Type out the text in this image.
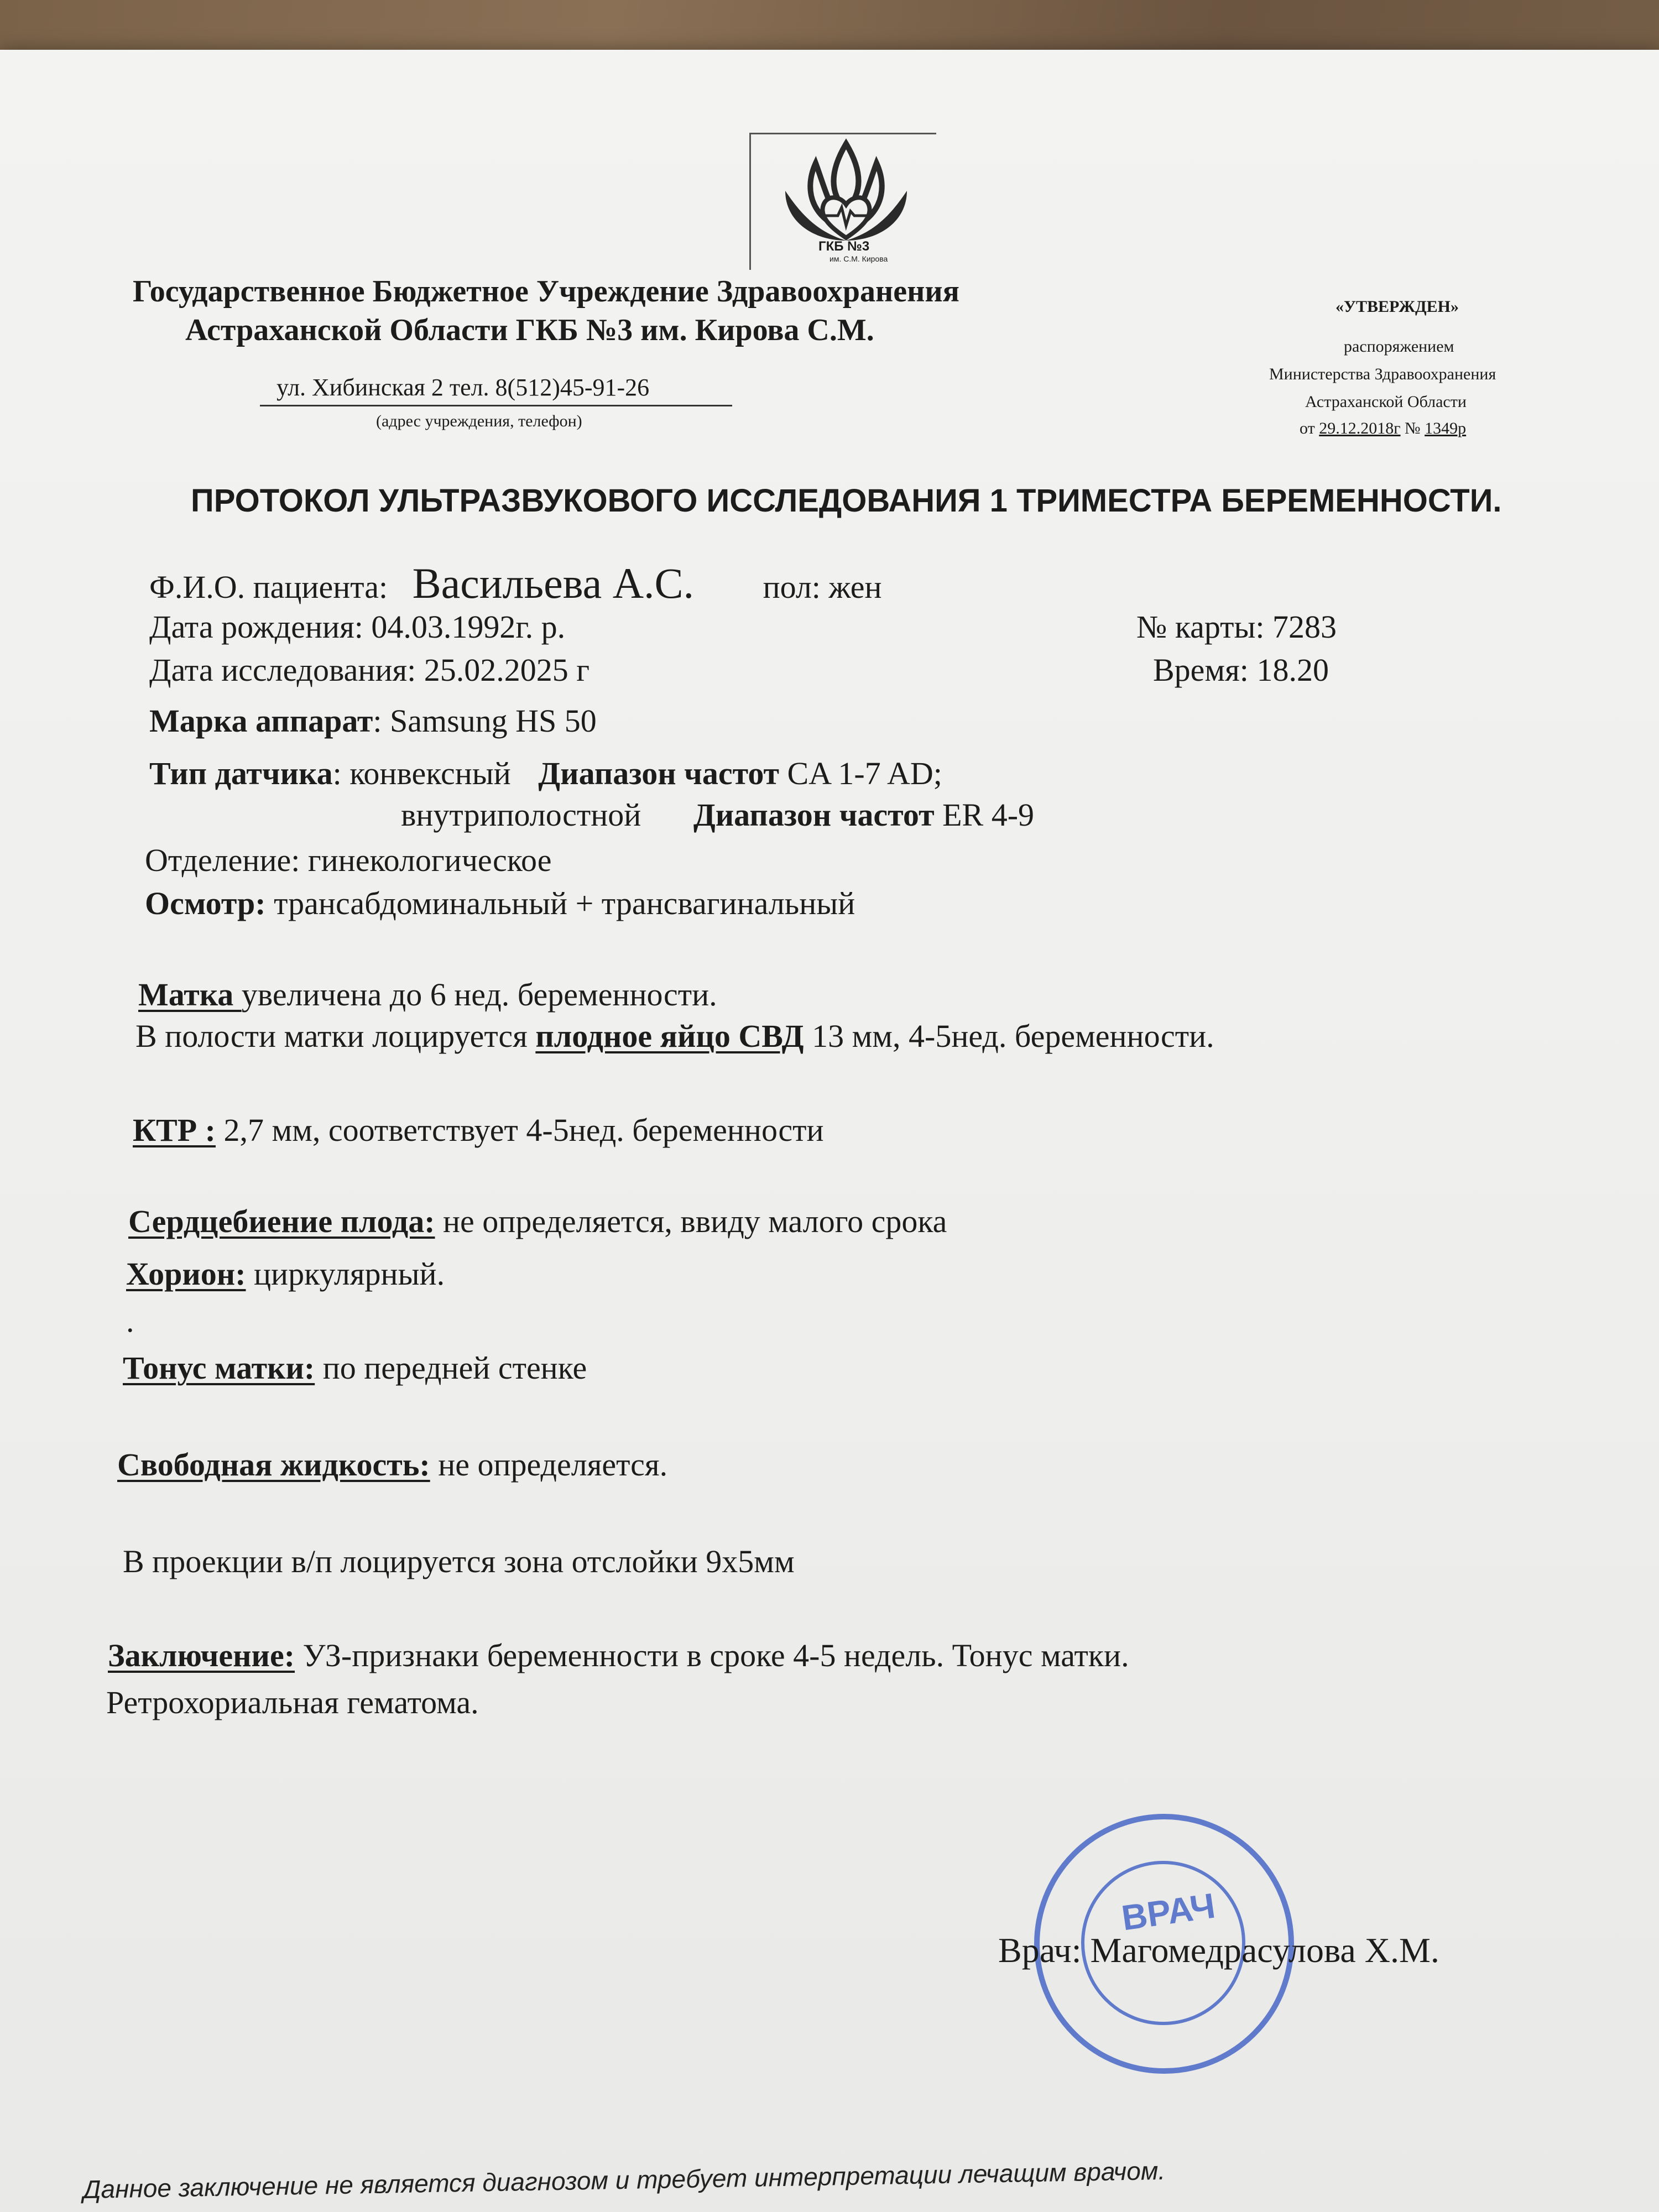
ГКБ №3
им. С.М. Кирова
Государственное Бюджетное Учреждение Здравоохранения
Астраханской Области ГКБ №3 им. Кирова С.М.
ул. Хибинская 2 тел. 8(512)45-91-26
(адрес учреждения, телефон)
«УТВЕРЖДЕН»
распоряжением
Министерства Здравоохранения
Астраханской Области
от 29.12.2018г № 1349р
ПРОТОКОЛ УЛЬТРАЗВУКОВОГО ИССЛЕДОВАНИЯ 1 ТРИМЕСТРА БЕРЕМЕННОСТИ.
Ф.И.О. пациента: Васильева А.С. пол: жен
Дата рождения: 04.03.1992г. р.	№ карты: 7283
Дата исследования: 25.02.2025 г	Время: 18.20
Марка аппарат: Samsung HS 50
Тип датчика: конвексный Диапазон частот CA 1-7 AD;
внутриполостной Диапазон частот ER 4-9
Отделение: гинекологическое
Осмотр: трансабдоминальный + трансвагинальный
Матка увеличена до 6 нед. беременности.
В полости матки лоцируется плодное яйцо СВД 13 мм, 4-5нед. беременности.
КТР : 2,7 мм, соответствует 4-5нед. беременности
Сердцебиение плода: не определяется, ввиду малого срока
Хорион: циркулярный.
.
Тонус матки: по передней стенке
Свободная жидкость: не определяется.
В проекции в/п лоцируется зона отслойки 9х5мм
Заключение: УЗ-признаки беременности в сроке 4-5 недель. Тонус матки.
Ретрохориальная гематома.
ВРАЧ
Врач: Магомедрасулова Х.М.
Данное заключение не является диагнозом и требует интерпретации лечащим врачом.
